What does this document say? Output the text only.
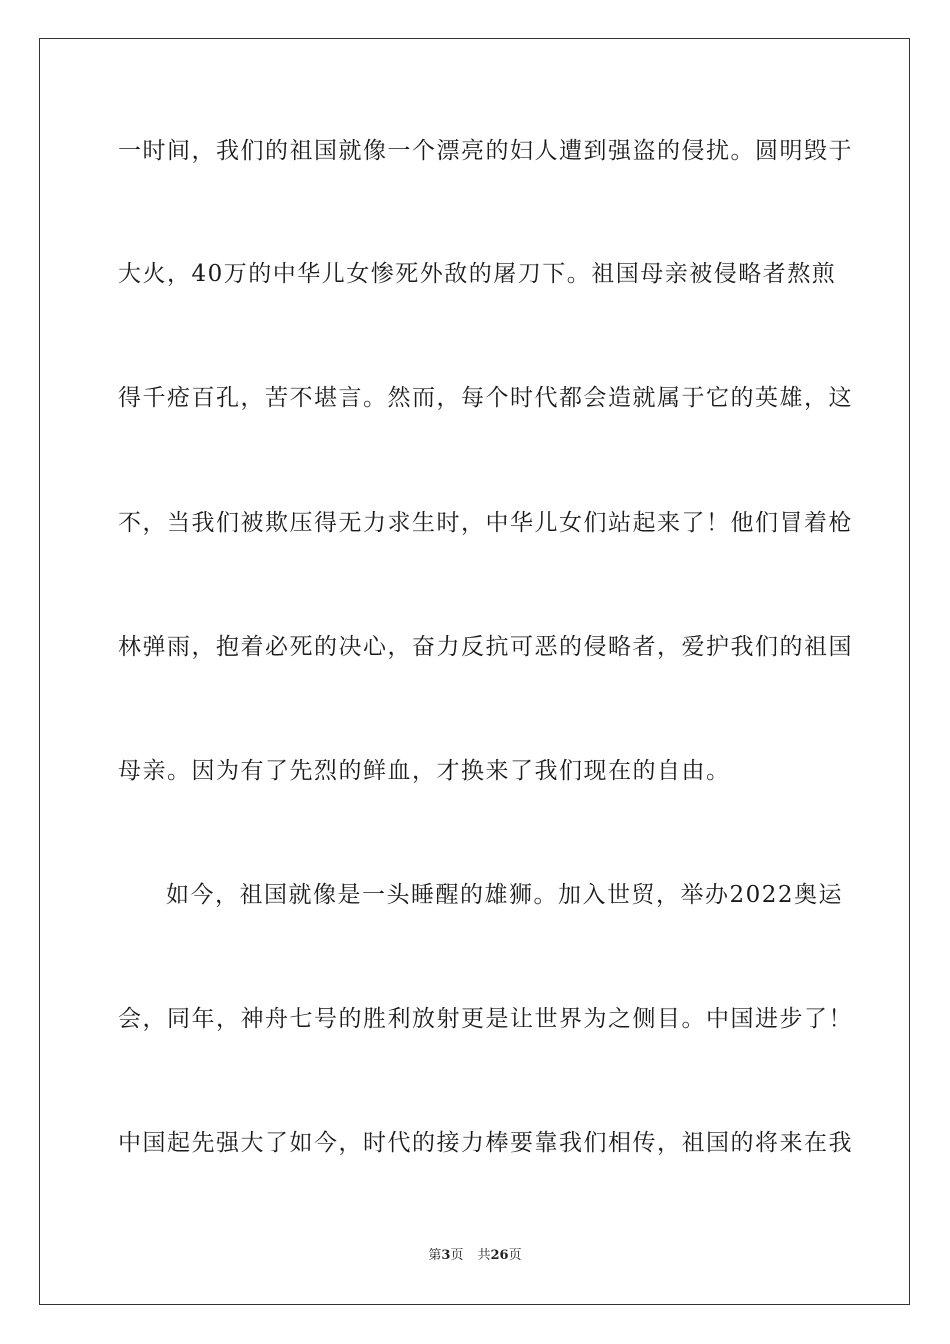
一时间，我们的祖国就像一个漂亮的妇人遭到强盗的侵扰。圆明毁于
大火，40万的中华儿女惨死外敌的屠刀下。祖国母亲被侵略者熬煎
得千疮百孔，苦不堪言。然而，每个时代都会造就属于它的英雄，这
不，当我们被欺压得无力求生时，中华儿女们站起来了！他们冒着枪
林弹雨，抱着必死的决心，奋力反抗可恶的侵略者，爱护我们的祖国
母亲。因为有了先烈的鲜血，才换来了我们现在的自由。
如今，祖国就像是一头睡醒的雄狮。加入世贸，举办2022奥运
会，同年，神舟七号的胜利放射更是让世界为之侧目。中国进步了！
中国起先强大了如今，时代的接力棒要靠我们相传，祖国的将来在我
第3页 共26页
